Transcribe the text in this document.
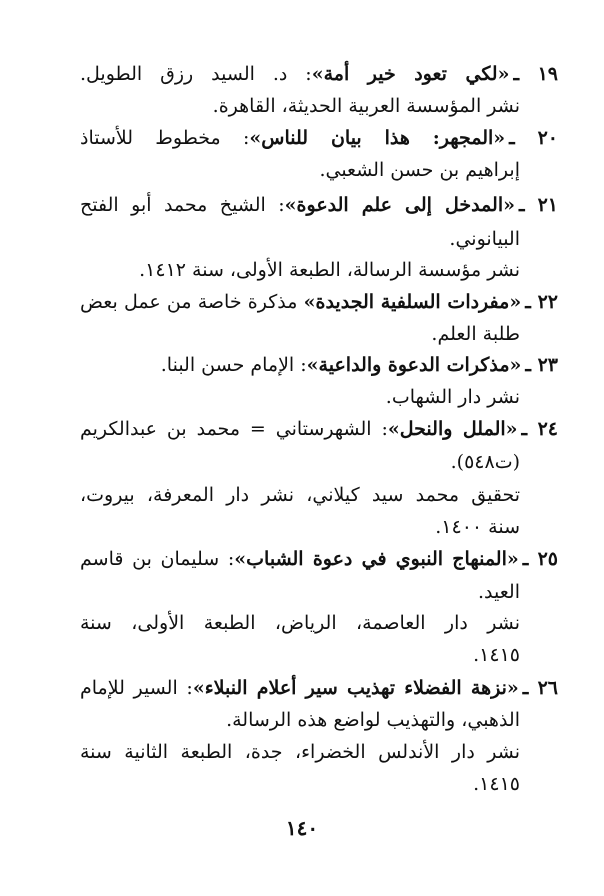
١٩ ـ«لكي تعود خير أمة»: د. السيد رزق الطويل.
نشر المؤسسة العربية الحديثة، القاهرة.
٢٠ ـ«المجهر: هذا بيان للناس»: مخطوط للأستاذ
إبراهيم بن حسن الشعبي.
٢١ ـ«المدخل إلى علم الدعوة»: الشيخ محمد أبو الفتح
البيانوني.
نشر مؤسسة الرسالة، الطبعة الأولى، سنة ١٤١٢.
٢٢ ـ«مفردات السلفية الجديدة» مذكرة خاصة من عمل بعض
طلبة العلم.
٢٣ ـ«مذكرات الدعوة والداعية»: الإمام حسن البنا.
نشر دار الشهاب.
٢٤ ـ«الملل والنحل»: الشهرستاني = محمد بن عبدالكريم
(ت٥٤٨).
تحقيق محمد سيد كيلاني، نشر دار المعرفة، بيروت،
سنة ١٤٠٠.
٢٥ ـ«المنهاج النبوي في دعوة الشباب»: سليمان بن قاسم
العيد.
نشر دار العاصمة، الرياض، الطبعة الأولى، سنة
١٤١٥.
٢٦ ـ«نزهة الفضلاء تهذيب سير أعلام النبلاء»: السير للإمام
الذهبي، والتهذيب لواضع هذه الرسالة.
نشر دار الأندلس الخضراء، جدة، الطبعة الثانية سنة
١٤١٥.
١٤٠
